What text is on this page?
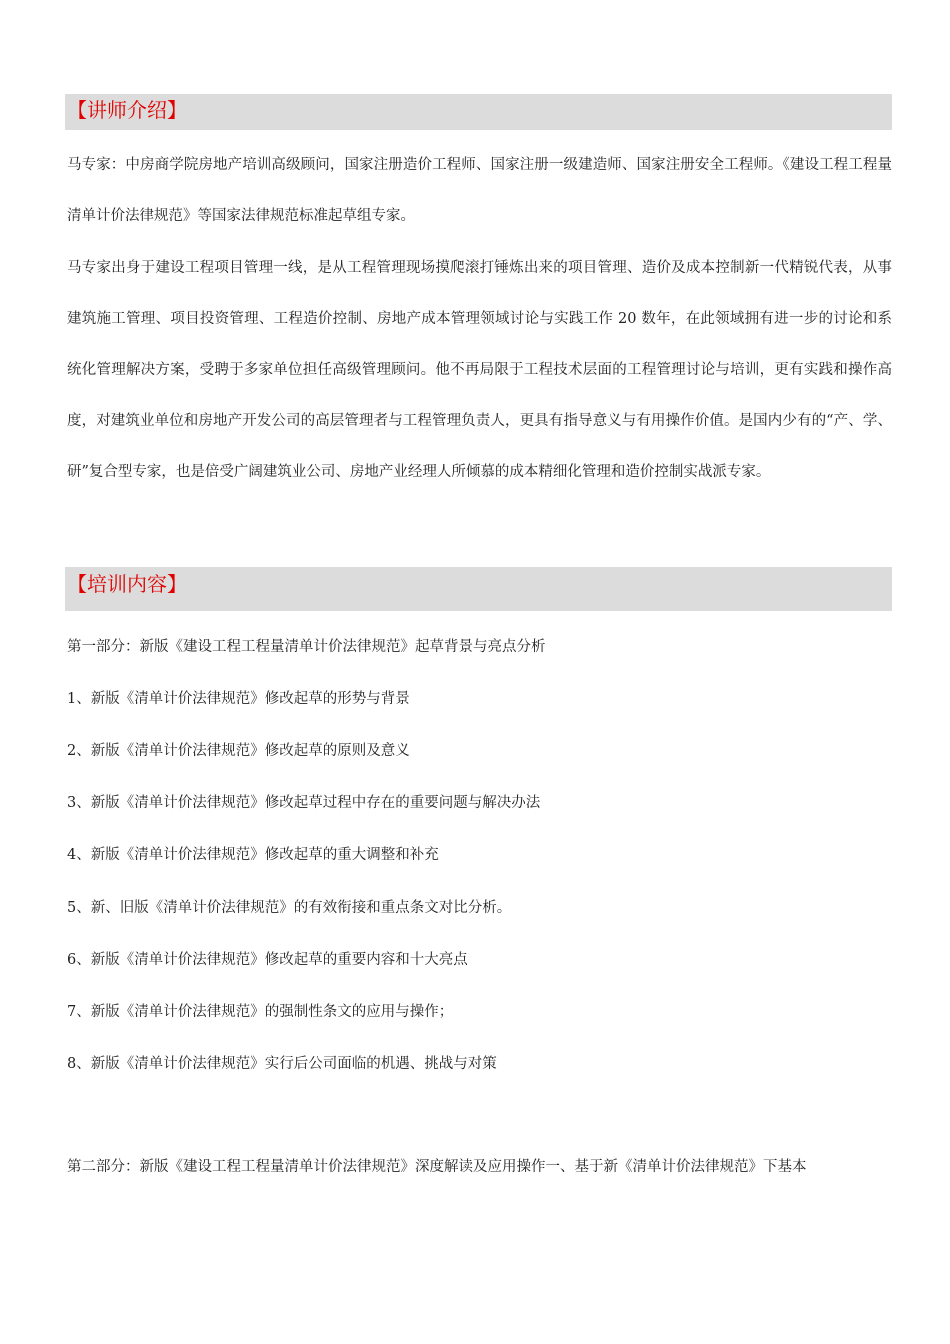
【讲师介绍】

马专家：中房商学院房地产培训高级顾问，国家注册造价工程师、国家注册一级建造师、国家注册安全工程师。《建设工程工程量清单计价法律规范》等国家法律规范标准起草组专家。

马专家出身于建设工程项目管理一线，是从工程管理现场摸爬滚打锤炼出来的项目管理、造价及成本控制新一代精锐代表，从事建筑施工管理、项目投资管理、工程造价控制、房地产成本管理领域讨论与实践工作 20 数年，在此领域拥有进一步的讨论和系统化管理解决方案，受聘于多家单位担任高级管理顾问。他不再局限于工程技术层面的工程管理讨论与培训，更有实践和操作高度，对建筑业单位和房地产开发公司的高层管理者与工程管理负责人，更具有指导意义与有用操作价值。是国内少有的“产、学、研”复合型专家，也是倍受广阔建筑业公司、房地产业经理人所倾慕的成本精细化管理和造价控制实战派专家。

【培训内容】

第一部分：新版《建设工程工程量清单计价法律规范》起草背景与亮点分析

1、新版《清单计价法律规范》修改起草的形势与背景

2、新版《清单计价法律规范》修改起草的原则及意义

3、新版《清单计价法律规范》修改起草过程中存在的重要问题与解决办法

4、新版《清单计价法律规范》修改起草的重大调整和补充

5、新、旧版《清单计价法律规范》的有效衔接和重点条文对比分析。

6、新版《清单计价法律规范》修改起草的重要内容和十大亮点

7、新版《清单计价法律规范》的强制性条文的应用与操作；

8、新版《清单计价法律规范》实行后公司面临的机遇、挑战与对策

第二部分：新版《建设工程工程量清单计价法律规范》深度解读及应用操作一、基于新《清单计价法律规范》下基本
